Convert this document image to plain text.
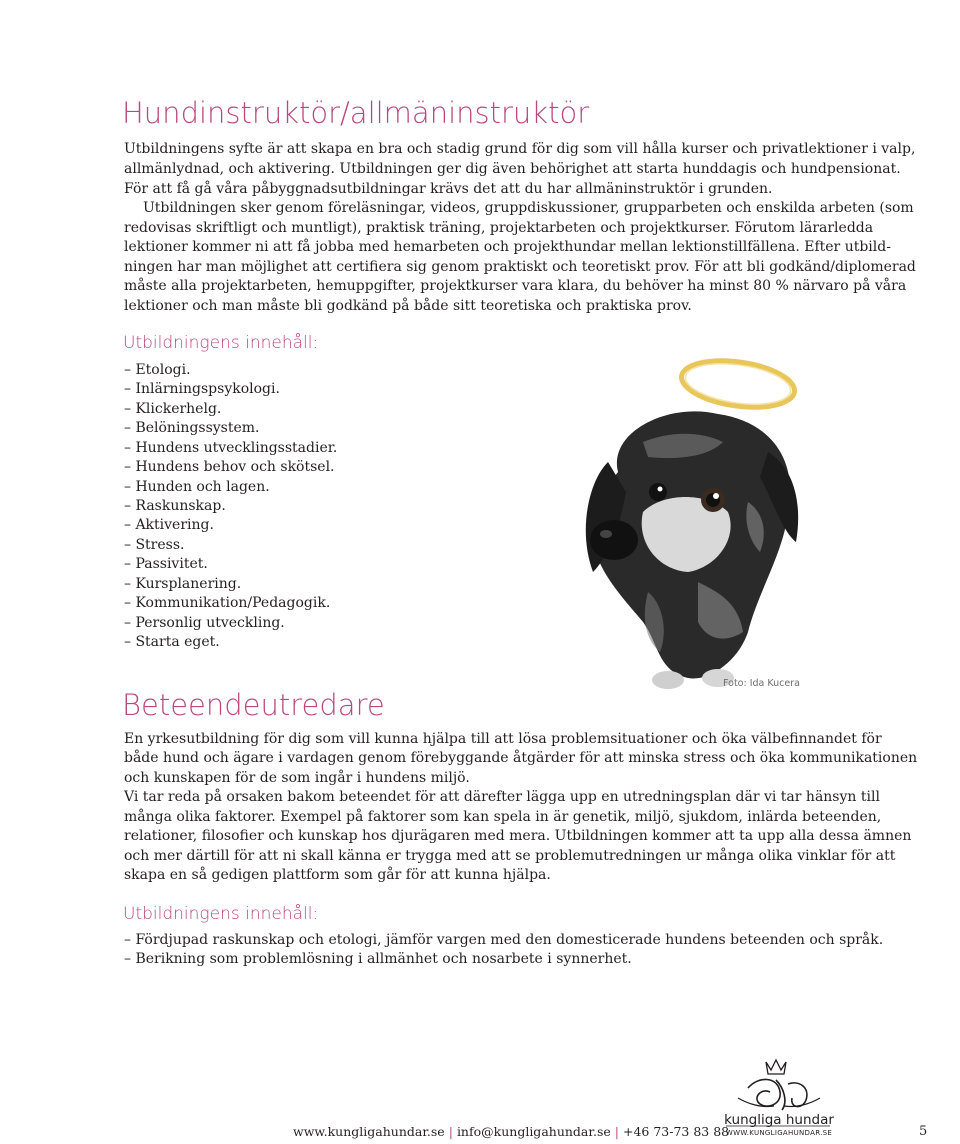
Hundinstruktör/allmäninstruktör
Utbildningens syfte är att skapa en bra och stadig grund för dig som vill hålla kurser och privatlektioner i valp,
allmänlydnad, och aktivering. Utbildningen ger dig även behörighet att starta hunddagis och hundpensionat.
För att få gå våra påbyggnadsutbildningar krävs det att du har allmäninstruktör i grunden.
Utbildningen sker genom föreläsningar, videos, gruppdiskussioner, grupparbeten och enskilda arbeten (som
redovisas skriftligt och muntligt), praktisk träning, projektarbeten och projektkurser. Förutom lärarledda
lektioner kommer ni att få jobba med hemarbeten och projekthundar mellan lektionstillfällena. Efter utbild-
ningen har man möjlighet att certifiera sig genom praktiskt och teoretiskt prov. För att bli godkänd/diplomerad
måste alla projektarbeten, hemuppgifter, projektkurser vara klara, du behöver ha minst 80 % närvaro på våra
lektioner och man måste bli godkänd på både sitt teoretiska och praktiska prov.
Utbildningens innehåll:
– Etologi.
– Inlärningspsykologi.
– Klickerhelg.
– Belöningssystem.
– Hundens utvecklingsstadier.
– Hundens behov och skötsel.
– Hunden och lagen.
– Raskunskap.
– Aktivering.
– Stress.
– Passivitet.
– Kursplanering.
– Kommunikation/Pedagogik.
– Personlig utveckling.
– Starta eget.
Foto: Ida Kucera
Beteendeutredare
En yrkesutbildning för dig som vill kunna hjälpa till att lösa problemsituationer och öka välbefinnandet för
både hund och ägare i vardagen genom förebyggande åtgärder för att minska stress och öka kommunikationen
och kunskapen för de som ingår i hundens miljö.
Vi tar reda på orsaken bakom beteendet för att därefter lägga upp en utredningsplan där vi tar hänsyn till
många olika faktorer. Exempel på faktorer som kan spela in är genetik, miljö, sjukdom, inlärda beteenden,
relationer, filosofier och kunskap hos djurägaren med mera. Utbildningen kommer att ta upp alla dessa ämnen
och mer därtill för att ni skall känna er trygga med att se problemutredningen ur många olika vinklar för att
skapa en så gedigen plattform som går för att kunna hjälpa.
Utbildningens innehåll:
– Fördjupad raskunskap och etologi, jämför vargen med den domesticerade hundens beteenden och språk.
– Berikning som problemlösning i allmänhet och nosarbete i synnerhet.
kungliga hundar
WWW.KUNGLIGAHUNDAR.SE
www.kungligahundar.se | info@kungligahundar.se | +46 73-73 83 88	5
